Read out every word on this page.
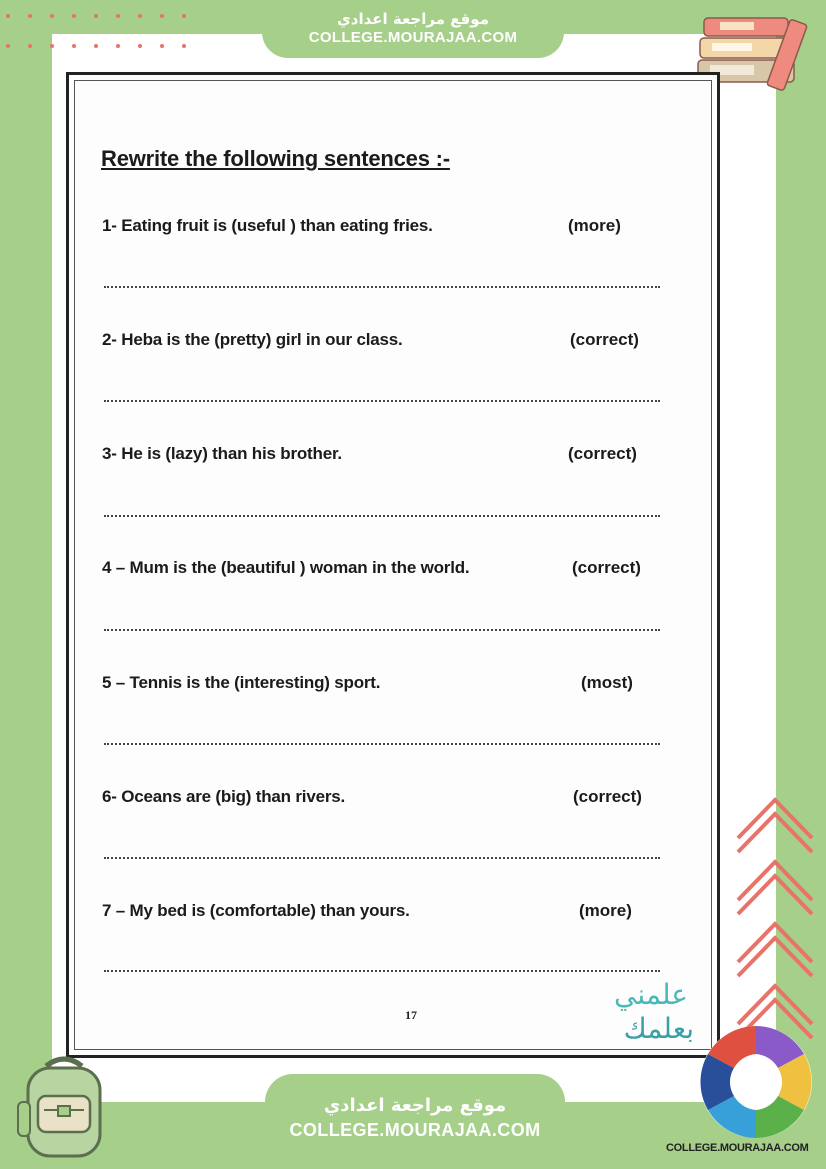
موقع مراجعة اعدادي
COLLEGE.MOURAJAA.COM
Rewrite the following sentences :-
1- Eating fruit is (useful ) than eating fries.	(more)
2- Heba is the (pretty) girl in our class.	(correct)
3- He is (lazy) than his brother.	(correct)
4 – Mum is the (beautiful ) woman in the world.	(correct)
5 – Tennis is the (interesting) sport.	(most)
6- Oceans are (big) than rivers.	(correct)
7 – My bed is (comfortable) than yours.	(more)
17
علمني
بعلمك
موقع مراجعة اعدادي
COLLEGE.MOURAJAA.COM
COLLEGE.MOURAJAA.COM
